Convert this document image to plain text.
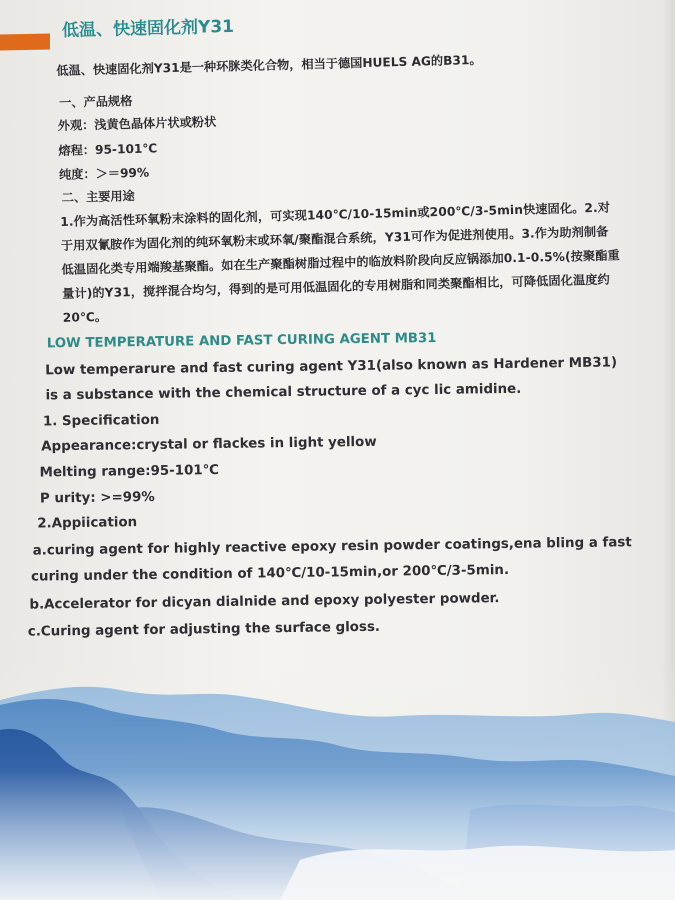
低温、快速固化剂Y31
低温、快速固化剂Y31是一种环脒类化合物，相当于德国HUELS AG的B31。
一、产品规格
外观：浅黄色晶体片状或粉状
熔程：95-101℃
纯度：＞＝99%
二、主要用途
1.作为高活性环氧粉末涂料的固化剂，可实现140℃/10-15min或200℃/3-5min快速固化。2.对于用双氰胺作为固化剂的纯环氧粉末或环氧/聚酯混合系统，Y31可作为促进剂使用。3.作为助剂制备低温固化类专用端羧基聚酯。如在生产聚酯树脂过程中的临放料阶段向反应锅添加0.1-0.5%(按聚酯重量计)的Y31，搅拌混合均匀，得到的是可用低温固化的专用树脂和同类聚酯相比，可降低固化温度约20℃。
LOW TEMPERATURE AND FAST CURING AGENT MB31
Low temperarure and fast curing agent Y31(also known as Hardener MB31)
is a substance with the chemical structure of a cyc lic amidine.
1. Specification
Appearance:crystal or flackes in light yellow
Melting range:95-101℃
P urity: >=99%
2.Appiication
a.curing agent for highly reactive epoxy resin powder coatings,ena bling a fast
curing under the condition of 140℃/10-15min,or 200℃/3-5min.
b.Accelerator for dicyan dialnide and epoxy polyester powder.
c.Curing agent for adjusting the surface gloss.
